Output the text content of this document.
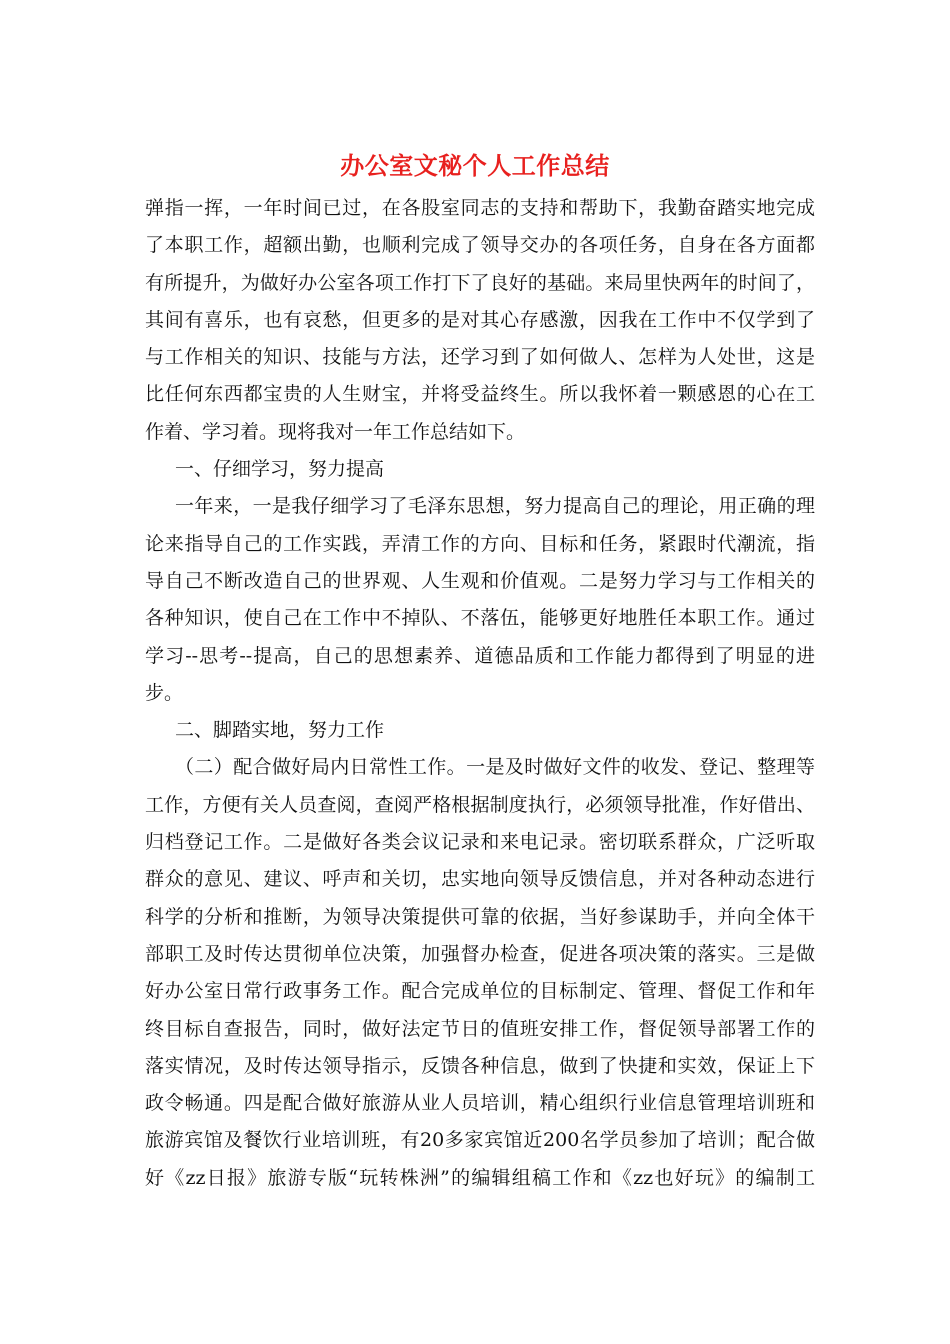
办公室文秘个人工作总结
弹指一挥，一年时间已过，在各股室同志的支持和帮助下，我勤奋踏实地完成
了本职工作，超额出勤，也顺利完成了领导交办的各项任务，自身在各方面都
有所提升，为做好办公室各项工作打下了良好的基础。来局里快两年的时间了，
其间有喜乐，也有哀愁，但更多的是对其心存感激，因我在工作中不仅学到了
与工作相关的知识、技能与方法，还学习到了如何做人、怎样为人处世，这是
比任何东西都宝贵的人生财宝，并将受益终生。所以我怀着一颗感恩的心在工
作着、学习着。现将我对一年工作总结如下。
一、仔细学习，努力提高
一年来，一是我仔细学习了毛泽东思想，努力提高自己的理论，用正确的理
论来指导自己的工作实践，弄清工作的方向、目标和任务，紧跟时代潮流，指
导自己不断改造自己的世界观、人生观和价值观。二是努力学习与工作相关的
各种知识，使自己在工作中不掉队、不落伍，能够更好地胜任本职工作。通过
学习--思考--提高，自己的思想素养、道德品质和工作能力都得到了明显的进
步。
二、脚踏实地，努力工作
（二）配合做好局内日常性工作。一是及时做好文件的收发、登记、整理等
工作，方便有关人员查阅，查阅严格根据制度执行，必须领导批准，作好借出、
归档登记工作。二是做好各类会议记录和来电记录。密切联系群众，广泛听取
群众的意见、建议、呼声和关切，忠实地向领导反馈信息，并对各种动态进行
科学的分析和推断，为领导决策提供可靠的依据，当好参谋助手，并向全体干
部职工及时传达贯彻单位决策，加强督办检查，促进各项决策的落实。三是做
好办公室日常行政事务工作。配合完成单位的目标制定、管理、督促工作和年
终目标自查报告，同时，做好法定节日的值班安排工作，督促领导部署工作的
落实情况，及时传达领导指示，反馈各种信息，做到了快捷和实效，保证上下
政令畅通。四是配合做好旅游从业人员培训，精心组织行业信息管理培训班和
旅游宾馆及餐饮行业培训班，有20多家宾馆近200名学员参加了培训；配合做
好《zz日报》旅游专版“玩转株洲”的编辑组稿工作和《zz也好玩》的编制工
